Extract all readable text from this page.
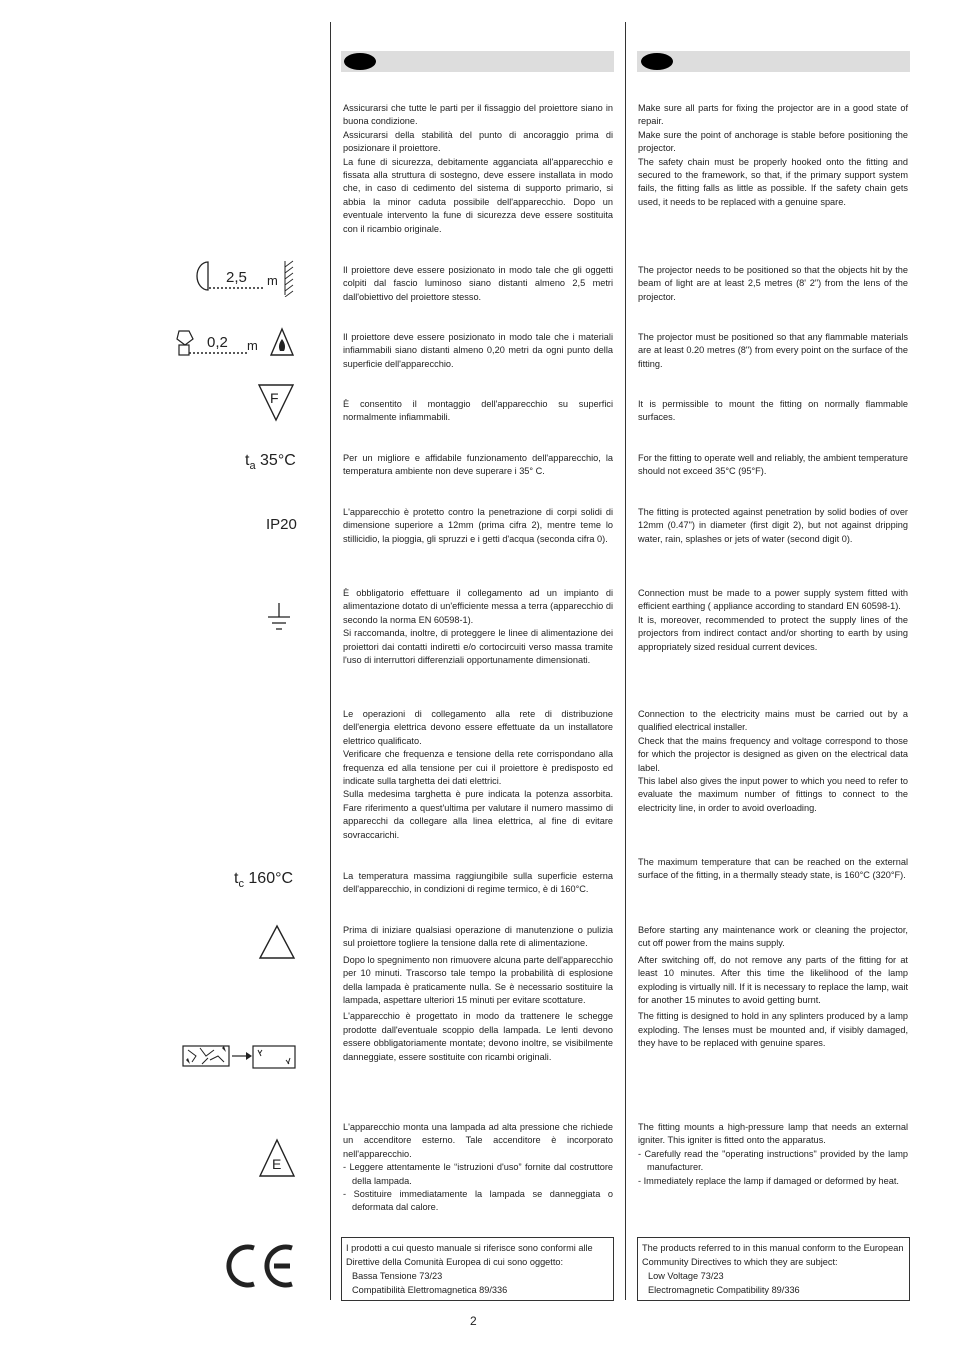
2,5 m
0,2 m
F
$t_a$ 35°C
IP20
$t_c$ 160°C
E

Assicurarsi che tutte le parti per il fissaggio del proiettore siano in buona condizione.

Assicurarsi della stabilità del punto di ancoraggio prima di posizionare il proiettore.

La fune di sicurezza, debitamente agganciata all'apparecchio e fissata alla struttura di sostegno, deve essere installata in modo che, in caso di cedimento del sistema di supporto primario, si abbia la minor caduta possibile dell'apparecchio. Dopo un eventuale intervento la fune di sicurezza deve essere sostituita con il ricambio originale.

Il proiettore deve essere posizionato in modo tale che gli oggetti colpiti dal fascio luminoso siano distanti almeno 2,5 metri dall'obiettivo del proiettore stesso.

Il proiettore deve essere posizionato in modo tale che i materiali infiammabili siano distanti almeno 0,20 metri da ogni punto della superficie dell'apparecchio.

È consentito il montaggio dell'apparecchio su superfici normalmente infiammabili.

Per un migliore e affidabile funzionamento dell'apparecchio, la temperatura ambiente non deve superare i 35° C.

L'apparecchio è protetto contro la penetrazione di corpi solidi di dimensione superiore a 12mm (prima cifra 2), mentre teme lo stillicidio, la pioggia, gli spruzzi e i getti d'acqua (seconda cifra 0).

È obbligatorio effettuare il collegamento ad un impianto di alimentazione dotato di un'efficiente messa a terra (apparecchio di secondo la norma EN 60598-1).

Si raccomanda, inoltre, di proteggere le linee di alimentazione dei proiettori dai contatti indiretti e/o cortocircuiti verso massa tramite l'uso di interruttori differenziali opportunamente dimensionati.

Le operazioni di collegamento alla rete di distribuzione dell'energia elettrica devono essere effettuate da un installatore elettrico qualificato.

Verificare che frequenza e tensione della rete corrispondano alla frequenza ed alla tensione per cui il proiettore è predisposto ed indicate sulla targhetta dei dati elettrici.

Sulla medesima targhetta è pure indicata la potenza assorbita. Fare riferimento a quest'ultima per valutare il numero massimo di apparecchi da collegare alla linea elettrica, al fine di evitare sovraccarichi.

La temperatura massima raggiungibile sulla superficie esterna dell'apparecchio, in condizioni di regime termico, è di 160°C.

Prima di iniziare qualsiasi operazione di manutenzione o pulizia sul proiettore togliere la tensione dalla rete di alimentazione.

Dopo lo spegnimento non rimuovere alcuna parte dell'apparecchio per 10 minuti. Trascorso tale tempo la probabilità di esplosione della lampada è praticamente nulla. Se è necessario sostituire la lampada, aspettare ulteriori 15 minuti per evitare scottature.

L'apparecchio è progettato in modo da trattenere le schegge prodotte dall'eventuale scoppio della lampada. Le lenti devono essere obbligatoriamente montate; devono inoltre, se visibilmente danneggiate, essere sostituite con ricambi originali.

L'apparecchio monta una lampada ad alta pressione che richiede un accenditore esterno. Tale accenditore è incorporato nell'apparecchio.

- Leggere attentamente le “istruzioni d'uso” fornite dal costruttore della lampada.
- Sostituire immediatamente la lampada se danneggiata o deformata dal calore.
I prodotti a cui questo manuale si riferisce sono conformi alle Direttive della Comunità Europea di cui sono oggetto:
Bassa Tensione 73/23
Compatibilità Elettromagnetica 89/336

Make sure all parts for fixing the projector are in a good state of repair.

Make sure the point of anchorage is stable before positioning the projector.

The safety chain must be properly hooked onto the fitting and secured to the framework, so that, if the primary support system fails, the fitting falls as little as possible. If the safety chain gets used, it needs to be replaced with a genuine spare.

The projector needs to be positioned so that the objects hit by the beam of light are at least 2,5 metres (8' 2") from the lens of the projector.

The projector must be positioned so that any flammable materials are at least 0.20 metres (8") from every point on the surface of the fitting.

It is permissible to mount the fitting on normally flammable surfaces.

For the fitting to operate well and reliably, the ambient temperature should not exceed 35°C (95°F).

The fitting is protected against penetration by solid bodies of over 12mm (0.47") in diameter (first digit 2), but not against dripping water, rain, splashes or jets of water (second digit 0).

Connection must be made to a power supply system fitted with efficient earthing ( appliance according to standard EN 60598-1).

It is, moreover, recommended to protect the supply lines of the projectors from indirect contact and/or shorting to earth by using appropriately sized residual current devices.

Connection to the electricity mains must be carried out by a qualified electrical installer.

Check that the mains frequency and voltage correspond to those for which the projector is designed as given on the electrical data label.

This label also gives the input power to which you need to refer to evaluate the maximum number of fittings to connect to the electricity line, in order to avoid overloading.

The maximum temperature that can be reached on the external surface of the fitting, in a thermally steady state, is 160°C (320°F).

Before starting any maintenance work or cleaning the projector, cut off power from the mains supply.

After switching off, do not remove any parts of the fitting for at least 10 minutes. After this time the likelihood of the lamp exploding is virtually nill. If it is necessary to replace the lamp, wait for another 15 minutes to avoid getting burnt.

The fitting is designed to hold in any splinters produced by a lamp exploding. The lenses must be mounted and, if visibly damaged, they have to be replaced with genuine spares.

The fitting mounts a high-pressure lamp that needs an external igniter. This igniter is fitted onto the apparatus.

- Carefully read the "operating instructions" provided by the lamp manufacturer.
- Immediately replace the lamp if damaged or deformed by heat.
The products referred to in this manual conform to the European Community Directives to which they are subject:
Low Voltage 73/23
Electromagnetic Compatibility 89/336
2
